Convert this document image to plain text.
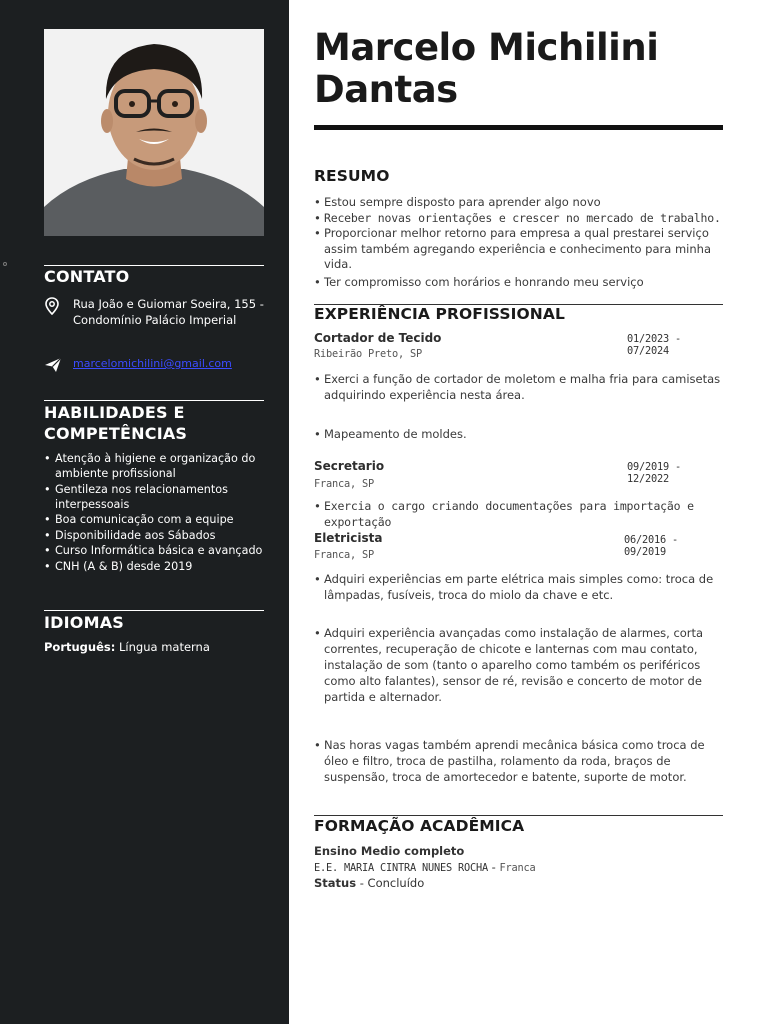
CONTATO
Rua João e Guiomar Soeira, 155 -
Condomínio Palácio Imperial
marcelomichilini@gmail.com
HABILIDADES E
COMPETÊNCIAS
• Atenção à higiene e organização do ambiente profissional
• Gentileza nos relacionamentos interpessoais
• Boa comunicação com a equipe
• Disponibilidade aos Sábados
• Curso Informática básica e avançado
• CNH (A & B) desde 2019
IDIOMAS
Português: Língua materna
Marcelo Michilini
Dantas
RESUMO
• Estou sempre disposto para aprender algo novo
• Receber novas orientações e crescer no mercado de trabalho.
• Proporcionar melhor retorno para empresa a qual prestarei serviço assim também agregando experiência e conhecimento para minha vida.
• Ter compromisso com horários e honrando meu serviço
EXPERIÊNCIA PROFISSIONAL
Cortador de Tecido	01/2023 - 07/2024
Ribeirão Preto, SP
• Exerci a função de cortador de moletom e malha fria para camisetas adquirindo experiência nesta área.
• Mapeamento de moldes.
Secretario	09/2019 - 12/2022
Franca, SP
• Exercia o cargo criando documentações para importação e exportação
Eletricista	06/2016 - 09/2019
Franca, SP
• Adquiri experiências em parte elétrica mais simples como: troca de lâmpadas, fusíveis, troca do miolo da chave e etc.
• Adquiri experiência avançadas como instalação de alarmes, corta correntes, recuperação de chicote e lanternas com mau contato, instalação de som (tanto o aparelho como também os periféricos como alto falantes), sensor de ré, revisão e concerto de motor de partida e alternador.
• Nas horas vagas também aprendi mecânica básica como troca de óleo e filtro, troca de pastilha, rolamento da roda, braços de suspensão, troca de amortecedor e batente, suporte de motor.
FORMAÇÃO ACADÊMICA
Ensino Medio completo
E.E. MARIA CINTRA NUNES ROCHA - Franca
Status - Concluído
